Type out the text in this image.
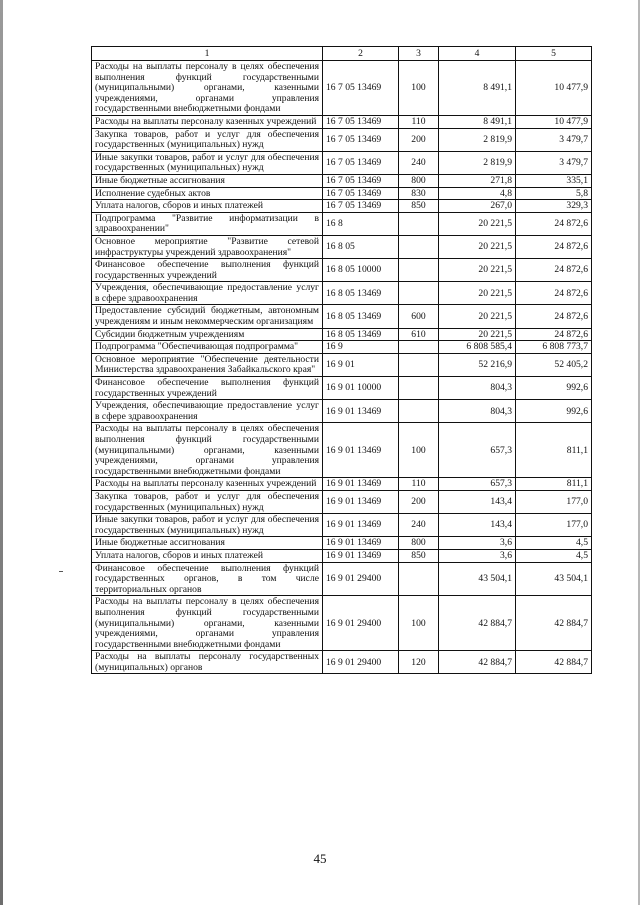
1	2	3	4	5
Расходы на выплаты персоналу в целях обеспечения выполнения функций государственными (муниципальными) органами, казенными учреждениями, органами управления государственными внебюджетными фондами	16 7 05 13469	100	8 491,1	10 477,9
Расходы на выплаты персоналу казенных учреждений	16 7 05 13469	110	8 491,1	10 477,9
Закупка товаров, работ и услуг для обеспечения государственных (муниципальных) нужд	16 7 05 13469	200	2 819,9	3 479,7
Иные закупки товаров, работ и услуг для обеспечения государственных (муниципальных) нужд	16 7 05 13469	240	2 819,9	3 479,7
Иные бюджетные ассигнования	16 7 05 13469	800	271,8	335,1
Исполнение судебных актов	16 7 05 13469	830	4,8	5,8
Уплата налогов, сборов и иных платежей	16 7 05 13469	850	267,0	329,3
Подпрограмма "Развитие информатизации в здравоохранении"	16 8		20 221,5	24 872,6
Основное мероприятие "Развитие сетевой инфраструктуры учреждений здравоохранения"	16 8 05		20 221,5	24 872,6
Финансовое обеспечение выполнения функций государственных учреждений	16 8 05 10000		20 221,5	24 872,6
Учреждения, обеспечивающие предоставление услуг в сфере здравоохранения	16 8 05 13469		20 221,5	24 872,6
Предоставление субсидий бюджетным, автономным учреждениям и иным некоммерческим организациям	16 8 05 13469	600	20 221,5	24 872,6
Субсидии бюджетным учреждениям	16 8 05 13469	610	20 221,5	24 872,6
Подпрограмма "Обеспечивающая подпрограмма"	16 9		6 808 585,4	6 808 773,7
Основное мероприятие "Обеспечение деятельности Министерства здравоохранения Забайкальского края"	16 9 01		52 216,9	52 405,2
Финансовое обеспечение выполнения функций государственных учреждений	16 9 01 10000		804,3	992,6
Учреждения, обеспечивающие предоставление услуг в сфере здравоохранения	16 9 01 13469		804,3	992,6
Расходы на выплаты персоналу в целях обеспечения выполнения функций государственными (муниципальными) органами, казенными учреждениями, органами управления государственными внебюджетными фондами	16 9 01 13469	100	657,3	811,1
Расходы на выплаты персоналу казенных учреждений	16 9 01 13469	110	657,3	811,1
Закупка товаров, работ и услуг для обеспечения государственных (муниципальных) нужд	16 9 01 13469	200	143,4	177,0
Иные закупки товаров, работ и услуг для обеспечения государственных (муниципальных) нужд	16 9 01 13469	240	143,4	177,0
Иные бюджетные ассигнования	16 9 01 13469	800	3,6	4,5
Уплата налогов, сборов и иных платежей	16 9 01 13469	850	3,6	4,5
Финансовое обеспечение выполнения функций государственных органов, в том числе территориальных органов	16 9 01 29400		43 504,1	43 504,1
Расходы на выплаты персоналу в целях обеспечения выполнения функций государственными (муниципальными) органами, казенными учреждениями, органами управления государственными внебюджетными фондами	16 9 01 29400	100	42 884,7	42 884,7
Расходы на выплаты персоналу государственных (муниципальных) органов	16 9 01 29400	120	42 884,7	42 884,7
45
